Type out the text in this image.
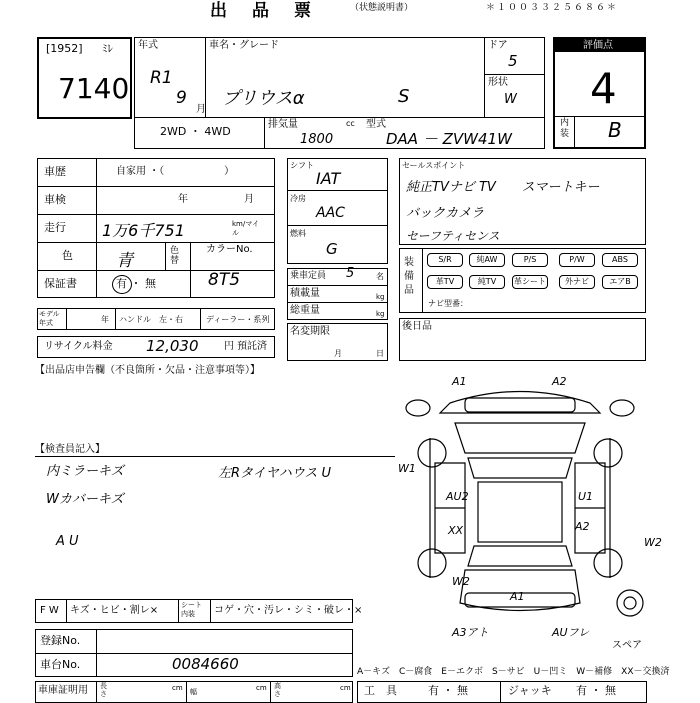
出　品　票	（状態説明書）	＊１００３３２５６８６＊
[1952] ﾐﾚ
7140
年式
R1
9
月
車名・グレード
プリウスα	S
ドア
5
形状
W
2WD ・ 4WD
排気量	cc
1800
型式
DAA － ZVW41W
評価点
4
内装 B
車歴	自家用 ・（　　　　　　）
車検	年	月
走行 1万6千751	km/マイル
色	青	色替
カラーNo.
8T5
保証書	有 ・ 無
モデル年式	年 ハンドル　左・右	ディーラー・系列
リサイクル料金 12,030	円 預託済
シフト
IAT
冷房
AAC
燃料
G
乗車定員 5	名
積載量	kg
総重量	kg
名変期限
月	日
セールスポイント
純正TVナビ TV　　スマートキー
バックカメラ
セーフティセンス
装備品
S/R	純AW	P/S	P/W	ABS
革TV	純TV	革シート	外ナビ	エアB
ナビ型番：
後日品
【出品店申告欄（不良箇所・欠品・注意事項等）】
【検査員記入】
内ミラーキズ
Wカバーキズ
A U
左Rタイヤハウス U
A1	A2
W1
AU2	U1
XX	A2
W2
A1
W2
A3アト	AUフレ
スペア
F W キズ・ヒビ・割レ×	シート内装	コゲ・穴・汚レ・シミ・破レ・×
登録No.
車台No.	0084660
車庫証明用 長さ
cm 幅	cm 高さ
cm
A－キズ　C－腐食　E－エクボ　S－サビ　U－凹ミ　W－補修　XX－交換済
工　具	有 ・ 無	ジャッキ 有 ・ 無
